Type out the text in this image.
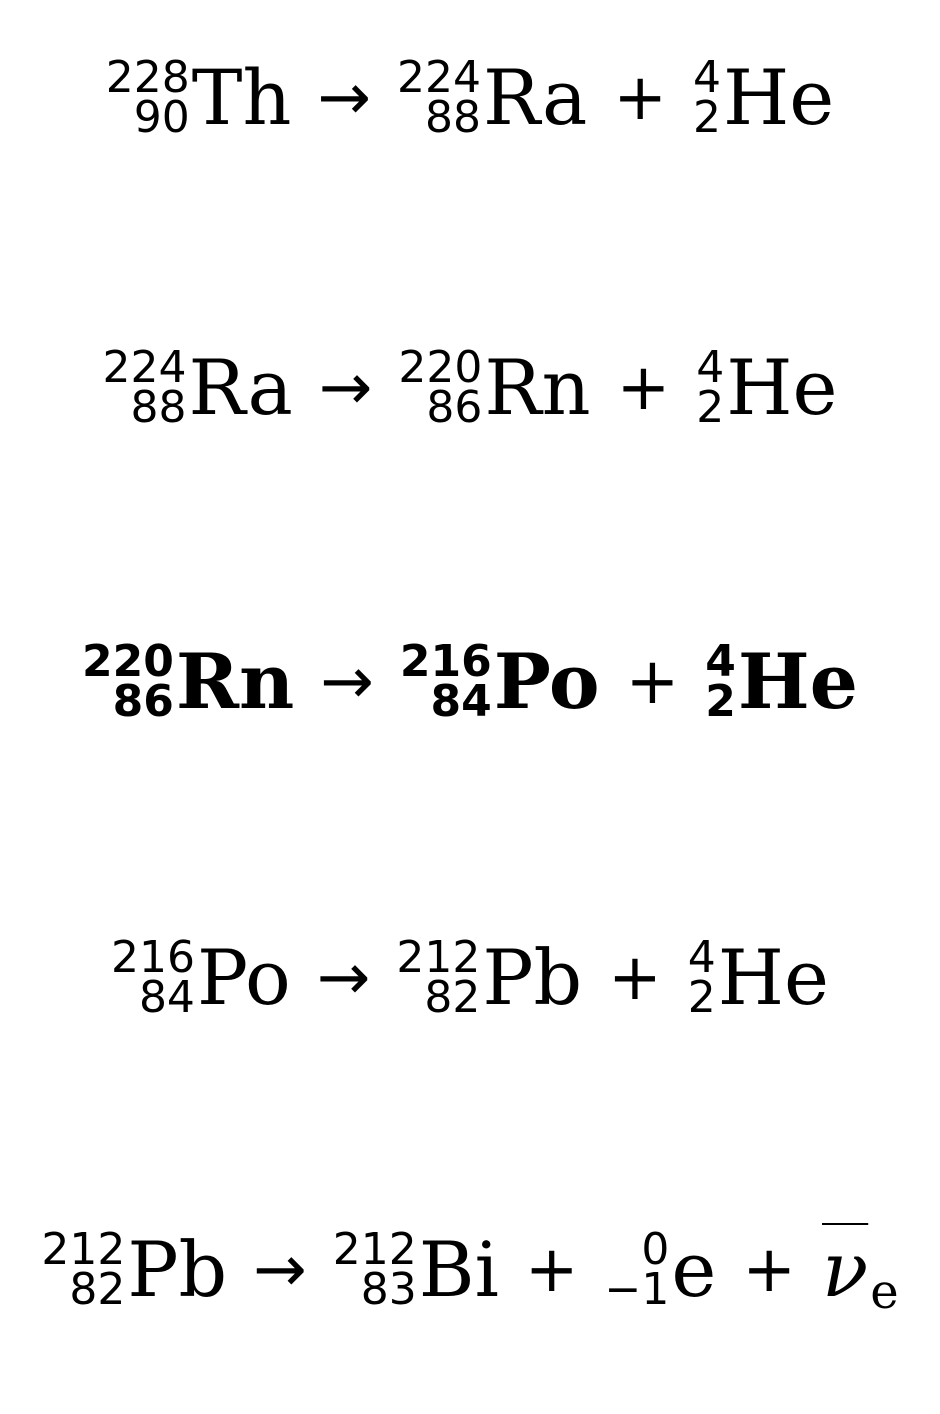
228
90 Th → 224
88 Ra + 4
2 He
224
88 Ra → 220
86 Rn + 4
2 He
220
86 Rn → 216
84 Po + 4
2 He
216
84 Po → 212
82 Pb + 4
2 He
212
82 Pb → 212
83 Bi + 0
−1 $e + \overline{\nu}$ e
